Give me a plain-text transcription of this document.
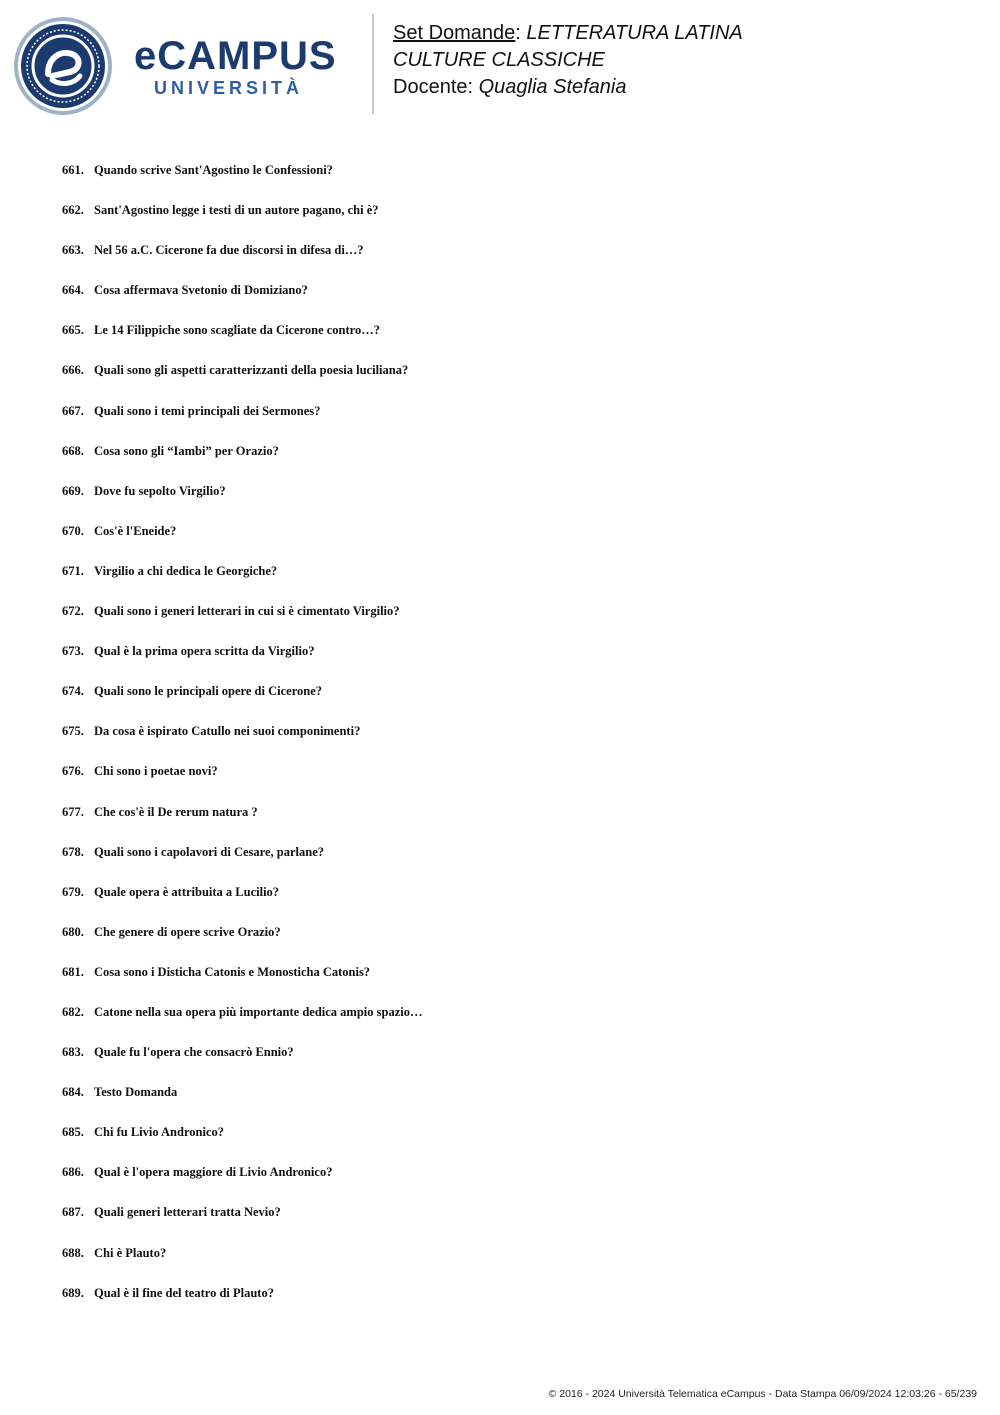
eCAMPUS
UNIVERSITÀ
Set Domande: LETTERATURA LATINA
CULTURE CLASSICHE
Docente: Quaglia Stefania
661. Quando scrive Sant'Agostino le Confessioni?
662. Sant'Agostino legge i testi di un autore pagano, chi è?
663. Nel 56 a.C. Cicerone fa due discorsi in difesa di…?
664. Cosa affermava Svetonio di Domiziano?
665. Le 14 Filippiche sono scagliate da Cicerone contro…?
666. Quali sono gli aspetti caratterizzanti della poesia luciliana?
667. Quali sono i temi principali dei Sermones?
668. Cosa sono gli “Iambi” per Orazio?
669. Dove fu sepolto Virgilio?
670. Cos'è l'Eneide?
671. Virgilio a chi dedica le Georgiche?
672. Quali sono i generi letterari in cui si è cimentato Virgilio?
673. Qual è la prima opera scritta da Virgilio?
674. Quali sono le principali opere di Cicerone?
675. Da cosa è ispirato Catullo nei suoi componimenti?
676. Chi sono i poetae novi?
677. Che cos'è il De rerum natura ?
678. Quali sono i capolavori di Cesare, parlane?
679. Quale opera è attribuita a Lucilio?
680. Che genere di opere scrive Orazio?
681. Cosa sono i Disticha Catonis e Monosticha Catonis?
682. Catone nella sua opera più importante dedica ampio spazio…
683. Quale fu l'opera che consacrò Ennio?
684. Testo Domanda
685. Chi fu Livio Andronico?
686. Qual è l'opera maggiore di Livio Andronico?
687. Quali generi letterari tratta Nevio?
688. Chi è Plauto?
689. Qual è il fine del teatro di Plauto?
© 2016 - 2024 Università Telematica eCampus - Data Stampa 06/09/2024 12:03:26 - 65/239
